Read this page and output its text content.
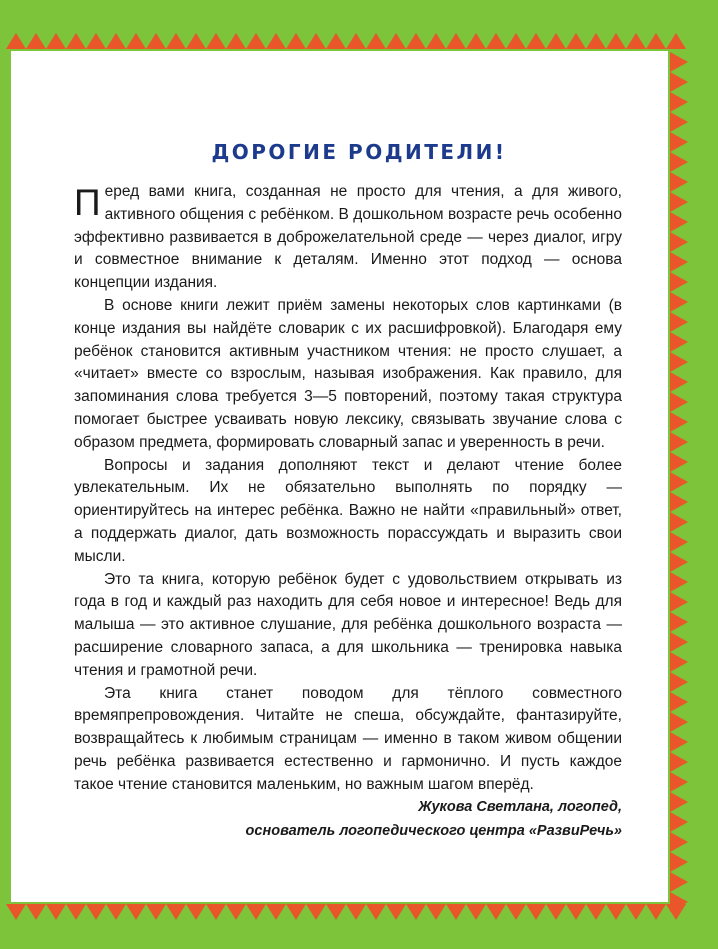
ДОРОГИЕ РОДИТЕЛИ!

Перед вами книга, созданная не просто для чтения, а для живого, активного общения с ребёнком. В дошкольном возрасте речь особенно эффективно развивается в доброжелательной среде — через диалог, игру и совместное внимание к деталям. Именно этот подход — основа концепции издания.

В основе книги лежит приём замены некоторых слов картинками (в конце издания вы найдёте словарик с их расшифровкой). Благодаря ему ребёнок становится активным участником чтения: не просто слушает, а «читает» вместе со взрослым, называя изображения. Как правило, для запоминания слова требуется 3—5 повторений, поэтому такая структура помогает быстрее усваивать новую лексику, связывать звучание слова с образом предмета, формировать словарный запас и уверенность в речи.

Вопросы и задания дополняют текст и делают чтение более увлекательным. Их не обязательно выполнять по порядку — ориентируйтесь на интерес ребёнка. Важно не найти «правильный» ответ, а поддержать диалог, дать возможность порассуждать и выразить свои мысли.

Это та книга, которую ребёнок будет с удовольствием открывать из года в год и каждый раз находить для себя новое и интересное! Ведь для малыша — это активное слушание, для ребёнка дошкольного возраста — расширение словарного запаса, а для школьника — тренировка навыка чтения и грамотной речи.

Эта книга станет поводом для тёплого совместного времяпрепровождения. Читайте не спеша, обсуждайте, фантазируйте, возвращайтесь к любимым страницам — именно в таком живом общении речь ребёнка развивается естественно и гармонично. И пусть каждое такое чтение становится маленьким, но важным шагом вперёд.

Жукова Светлана, логопед,
основатель логопедического центра «РазвиРечь»
